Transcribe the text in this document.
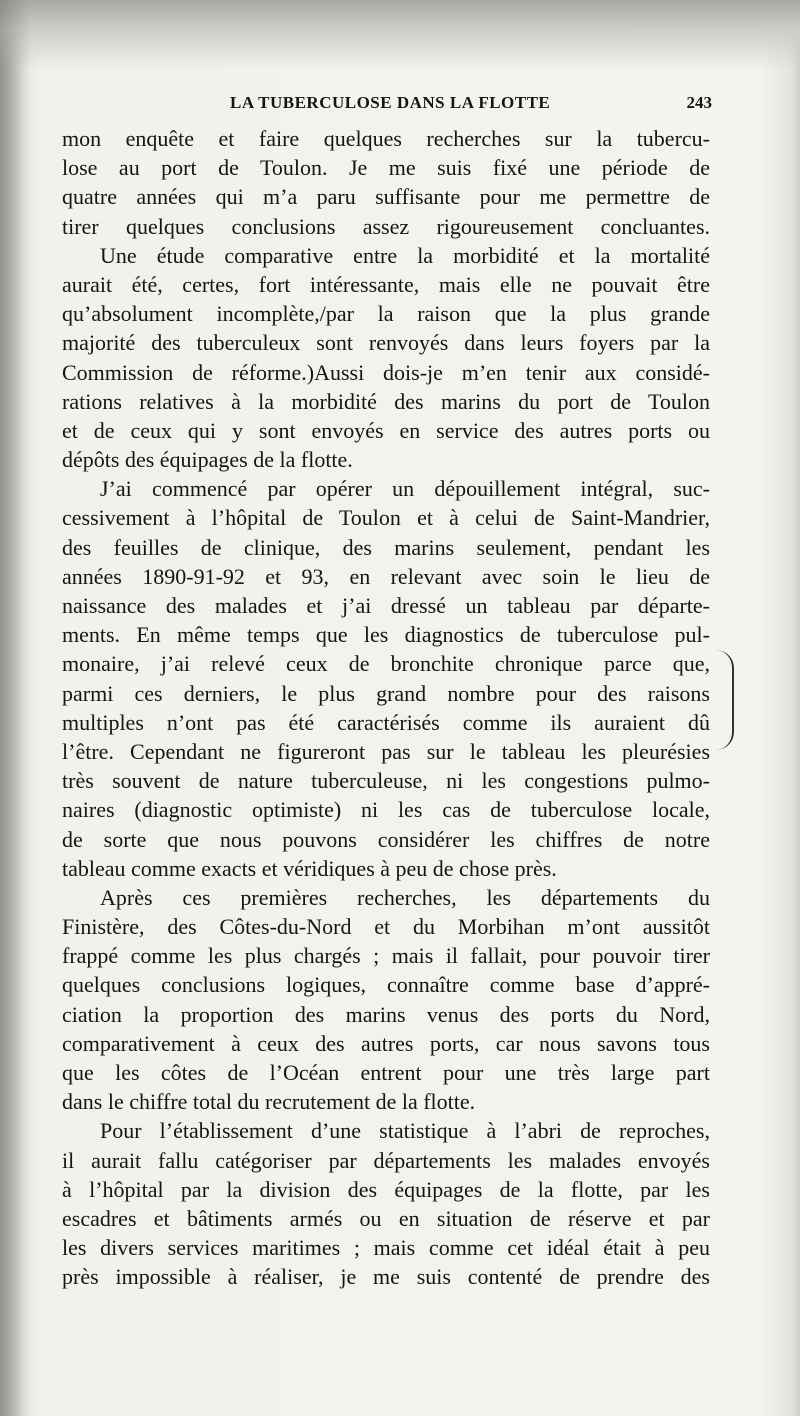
LA TUBERCULOSE DANS LA FLOTTE	243
mon enquête et faire quelques recherches sur la tubercu-
lose au port de Toulon. Je me suis fixé une période de
quatre années qui m’a paru suffisante pour me permettre de
tirer quelques conclusions assez rigoureusement concluantes.
Une étude comparative entre la morbidité et la mortalité
aurait été, certes, fort intéressante, mais elle ne pouvait être
qu’absolument incomplète,/par la raison que la plus grande
majorité des tuberculeux sont renvoyés dans leurs foyers par la
Commission de réforme.)Aussi dois-je m’en tenir aux considé-
rations relatives à la morbidité des marins du port de Toulon
et de ceux qui y sont envoyés en service des autres ports ou
dépôts des équipages de la flotte.
J’ai commencé par opérer un dépouillement intégral, suc-
cessivement à l’hôpital de Toulon et à celui de Saint-Mandrier,
des feuilles de clinique, des marins seulement, pendant les
années 1890-91-92 et 93, en relevant avec soin le lieu de
naissance des malades et j’ai dressé un tableau par départe-
ments. En même temps que les diagnostics de tuberculose pul-
monaire, j’ai relevé ceux de bronchite chronique parce que,
parmi ces derniers, le plus grand nombre pour des raisons
multiples n’ont pas été caractérisés comme ils auraient dû
l’être. Cependant ne figureront pas sur le tableau les pleurésies
très souvent de nature tuberculeuse, ni les congestions pulmo-
naires (diagnostic optimiste) ni les cas de tuberculose locale,
de sorte que nous pouvons considérer les chiffres de notre
tableau comme exacts et véridiques à peu de chose près.
Après ces premières recherches, les départements du
Finistère, des Côtes-du-Nord et du Morbihan m’ont aussitôt
frappé comme les plus chargés ; mais il fallait, pour pouvoir tirer
quelques conclusions logiques, connaître comme base d’appré-
ciation la proportion des marins venus des ports du Nord,
comparativement à ceux des autres ports, car nous savons tous
que les côtes de l’Océan entrent pour une très large part
dans le chiffre total du recrutement de la flotte.
Pour l’établissement d’une statistique à l’abri de reproches,
il aurait fallu catégoriser par départements les malades envoyés
à l’hôpital par la division des équipages de la flotte, par les
escadres et bâtiments armés ou en situation de réserve et par
les divers services maritimes ; mais comme cet idéal était à peu
près impossible à réaliser, je me suis contenté de prendre des
